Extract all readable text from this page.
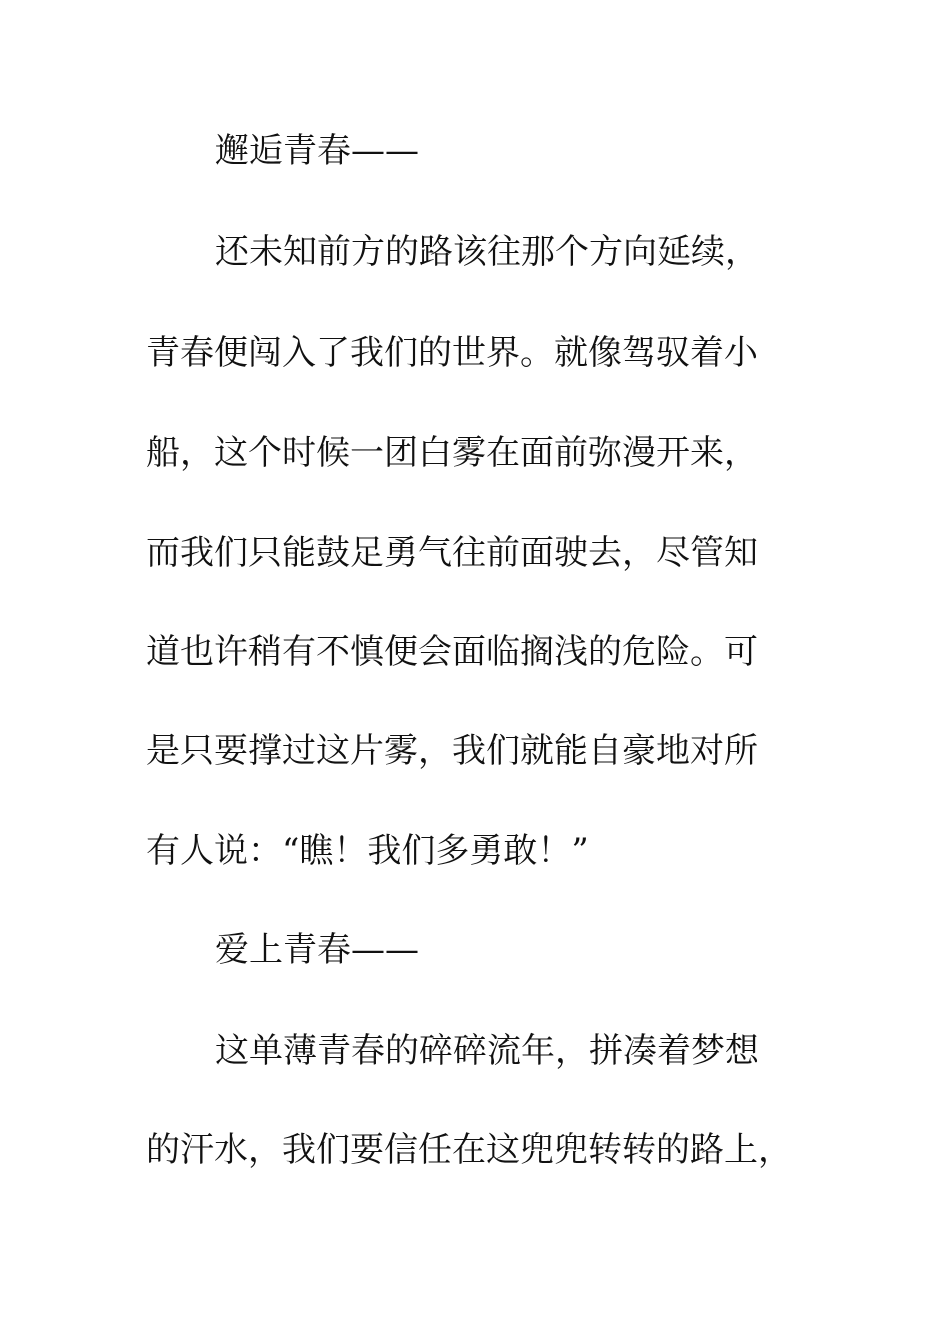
邂逅青春——

还未知前方的路该往那个方向延续，

青春便闯入了我们的世界。就像驾驭着小

船，这个时候一团白雾在面前弥漫开来，

而我们只能鼓足勇气往前面驶去，尽管知

道也许稍有不慎便会面临搁浅的危险。可

是只要撑过这片雾，我们就能自豪地对所

有人说：“瞧！我们多勇敢！”

爱上青春——

这单薄青春的碎碎流年，拼凑着梦想

的汗水，我们要信任在这兜兜转转的路上，
